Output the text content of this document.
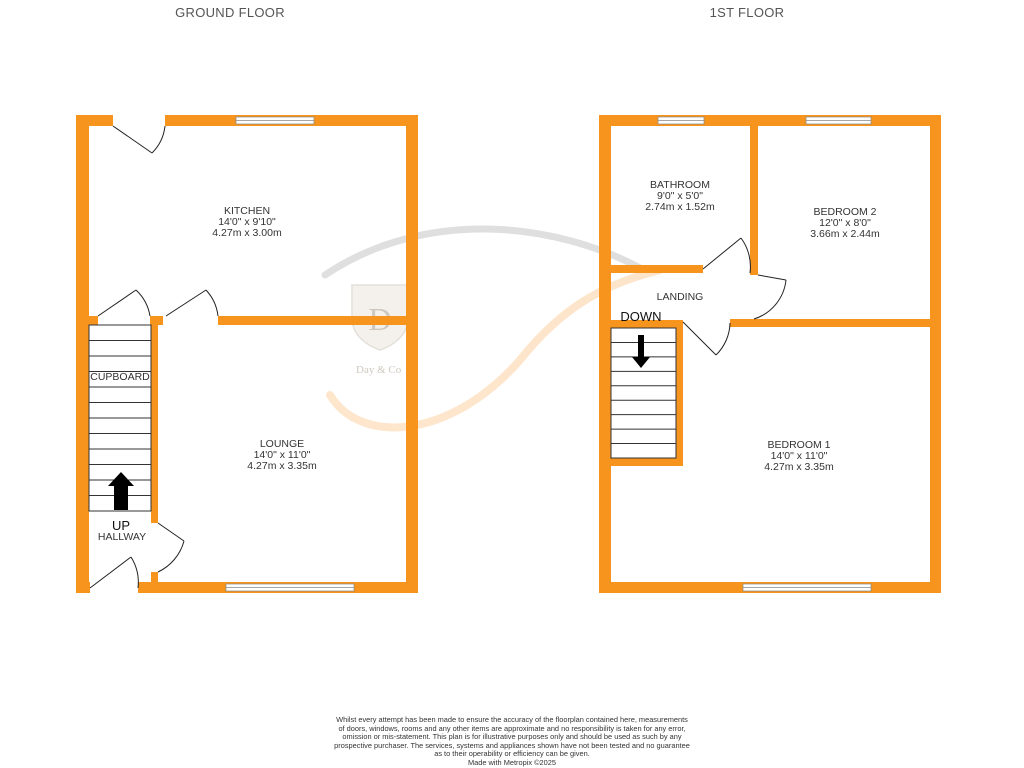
Day & Co
GROUND FLOOR	1ST FLOOR
UP
KITCHEN
14'0" x 9'10"
4.27m x 3.00m
LOUNGE
14'0" x 11'0"
4.27m x 3.35m
CUPBOARD
HALLWAY
DOWN
BATHROOM
9'0" x 5'0"
2.74m x 1.52m	BEDROOM 2
12'0" x 8'0"
3.66m x 2.44m
LANDING
BEDROOM 1
14'0" x 11'0"
4.27m x 3.35m

Whilst every attempt has been made to ensure the accuracy of the floorplan contained here, measurements

of doors, windows, rooms and any other items are approximate and no responsibility is taken for any error,

omission or mis-statement. This plan is for illustrative purposes only and should be used as such by any

prospective purchaser. The services, systems and appliances shown have not been tested and no guarantee

as to their operability or efficiency can be given.

Made with Metropix ©2025
